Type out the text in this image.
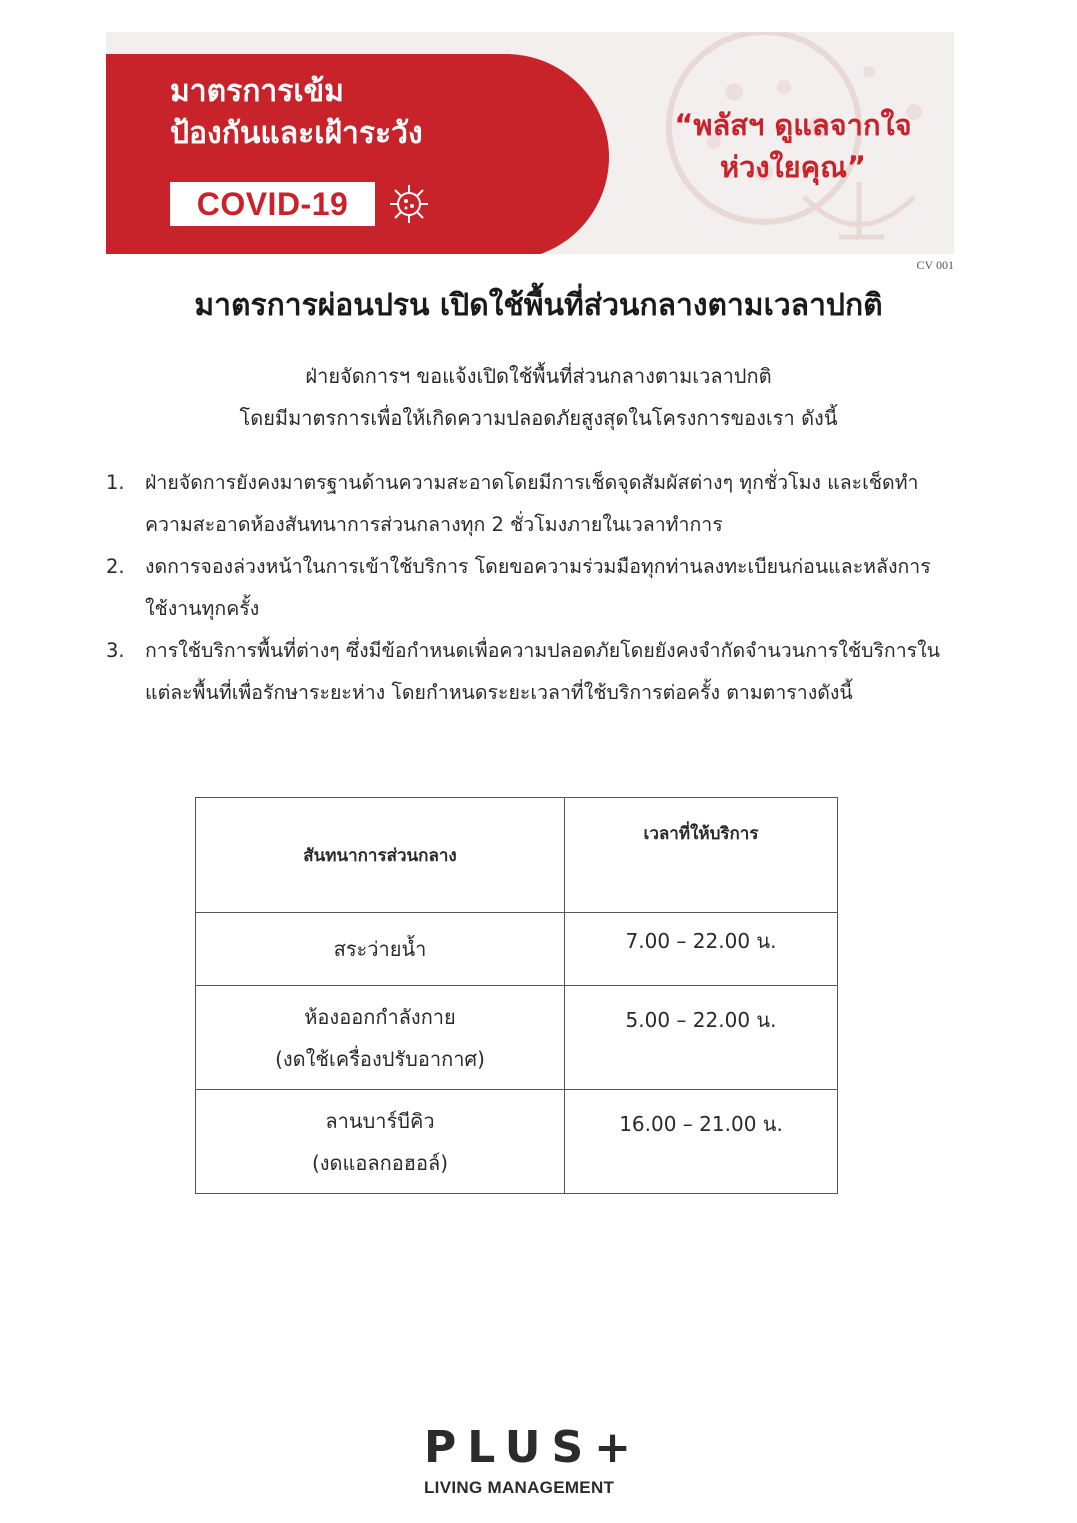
มาตรการเข้ม
ป้องกันและเฝ้าระวัง
COVID-19
“พลัสฯ ดูแลจากใจ
ห่วงใยคุณ”
CV 001
มาตรการผ่อนปรน เปิดใช้พื้นที่ส่วนกลางตามเวลาปกติ
ฝ่ายจัดการฯ ขอแจ้งเปิดใช้พื้นที่ส่วนกลางตามเวลาปกติ
โดยมีมาตรการเพื่อให้เกิดความปลอดภัยสูงสุดในโครงการของเรา ดังนี้
1. ฝ่ายจัดการยังคงมาตรฐานด้านความสะอาดโดยมีการเช็ดจุดสัมผัสต่างๆ ทุกชั่วโมง และเช็ดทำ
ความสะอาดห้องสันทนาการส่วนกลางทุก 2 ชั่วโมงภายในเวลาทำการ
2. งดการจองล่วงหน้าในการเข้าใช้บริการ โดยขอความร่วมมือทุกท่านลงทะเบียนก่อนและหลังการ
ใช้งานทุกครั้ง
3. การใช้บริการพื้นที่ต่างๆ ซึ่งมีข้อกำหนดเพื่อความปลอดภัยโดยยังคงจำกัดจำนวนการใช้บริการใน
แต่ละพื้นที่เพื่อรักษาระยะห่าง โดยกำหนดระยะเวลาที่ใช้บริการต่อครั้ง ตามตารางดังนี้
สันทนาการส่วนกลาง	เวลาที่ให้บริการ

สระว่ายน้ำ	7.00 – 22.00 น.

ห้องออกกำลังกาย
(งดใช้เครื่องปรับอากาศ)	5.00 – 22.00 น.

ลานบาร์บีคิว
(งดแอลกอฮอล์)	16.00 – 21.00 น.
PLUS+
LIVING MANAGEMENT
